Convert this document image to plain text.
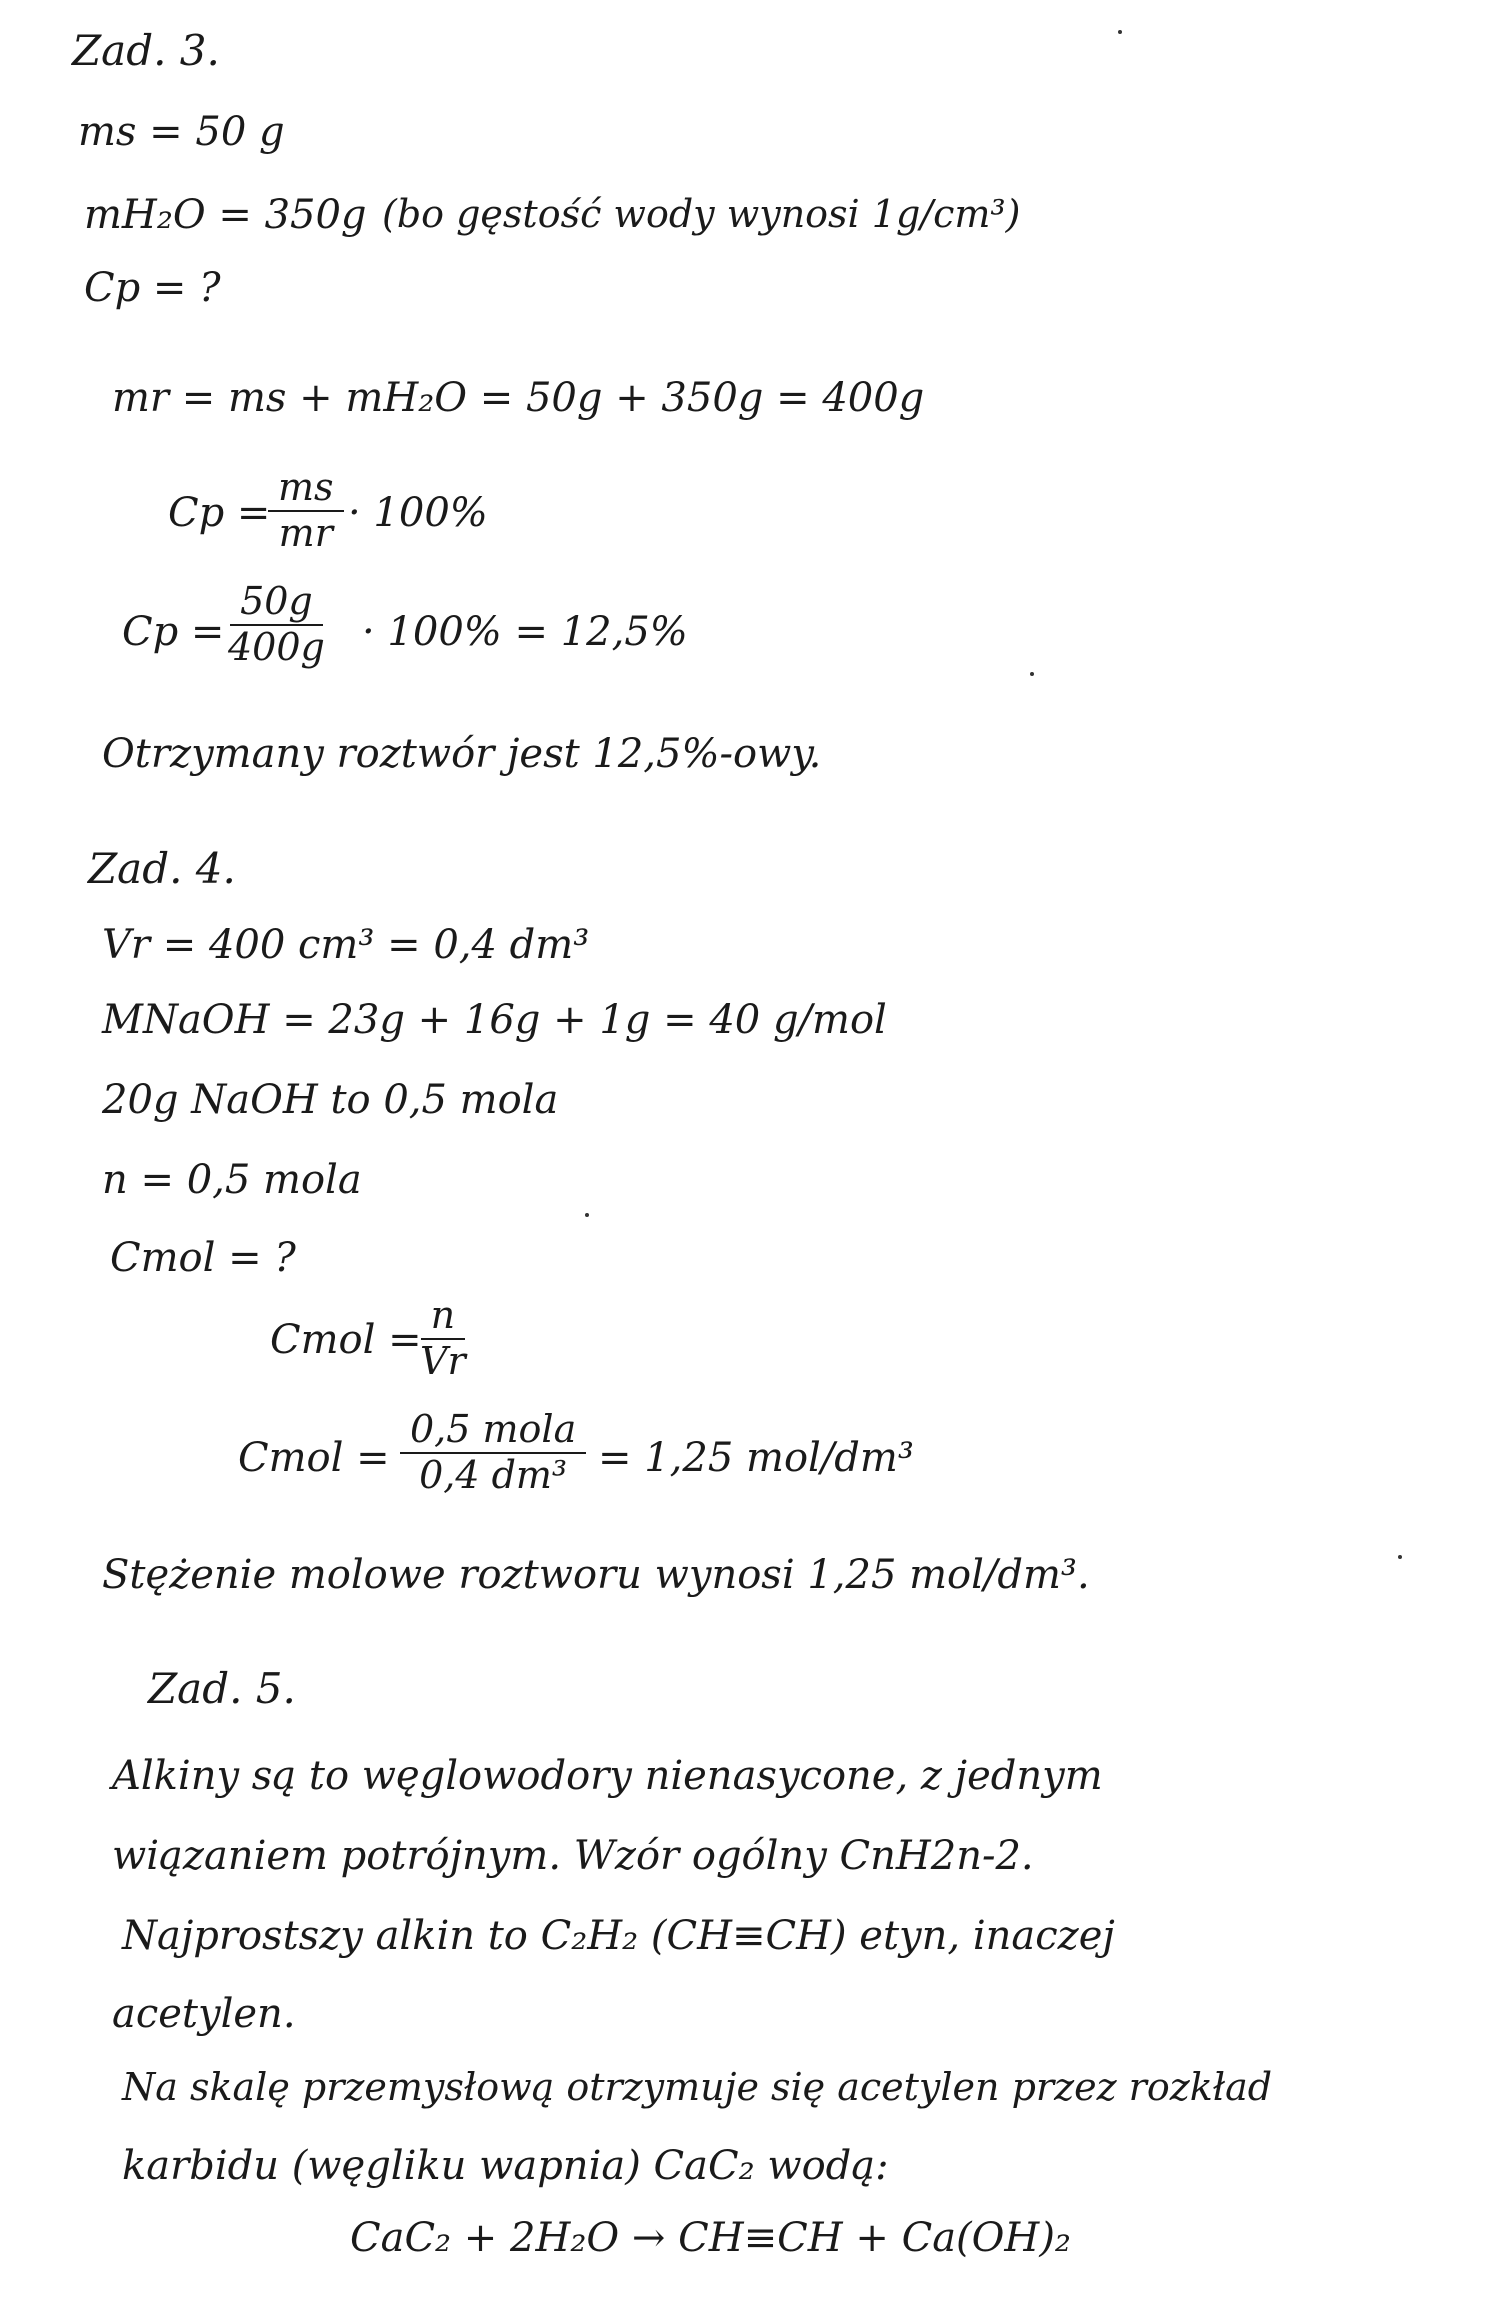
Zad. 3.
ms = 50 g
mH₂O = 350g (bo gęstość wody wynosi 1g/cm³)
Cp = ?
mr = ms + mH₂O = 50g + 350g = 400g
Cp =
$\frac{ms}{mr} \cdot 100\%$
Cp =
$\frac{50g}{400g} \cdot 100\% = 12,5\%$
Otrzymany roztwór jest 12,5%-owy.
Zad. 4.
Vr = 400 cm³ = 0,4 dm³
MNaOH = 23g + 16g + 1g = 40 g/mol
20g NaOH to 0,5 mola
n = 0,5 mola
Cmol = ?
Cmol =
$\frac{n}{Vr}$
Cmol =
0,5 mola
0,4 dm³ = 1,25 mol/dm³
Stężenie molowe roztworu wynosi 1,25 mol/dm³.
Zad. 5.
Alkiny są to węglowodory nienasycone, z jednym
wiązaniem potrójnym. Wzór ogólny CnH2n-2.
Najprostszy alkin to C₂H₂ (CH≡CH) etyn, inaczej
acetylen.
Na skalę przemysłową otrzymuje się acetylen przez rozkład
karbidu (węgliku wapnia) CaC₂ wodą:
CaC₂ + 2H₂O → CH≡CH + Ca(OH)₂
